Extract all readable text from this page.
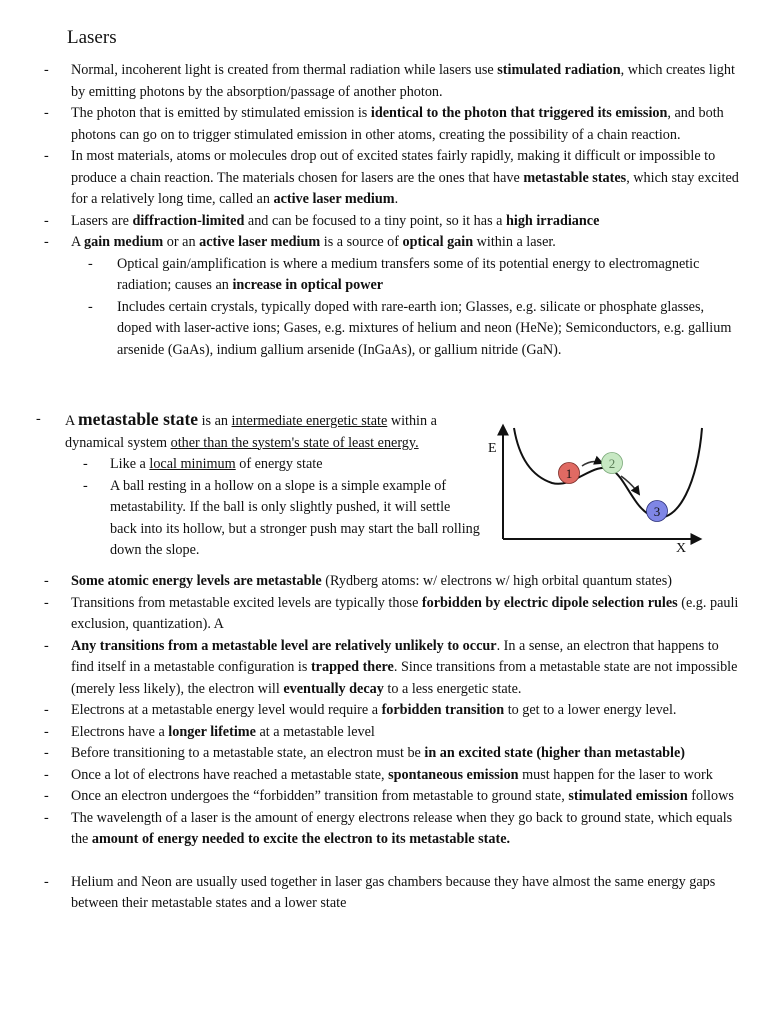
Lasers
- Normal, incoherent light is created from thermal radiation while lasers use stimulated radiation, which creates light by emitting photons by the absorption/passage of another photon.
- The photon that is emitted by stimulated emission is identical to the photon that triggered its emission, and both photons can go on to trigger stimulated emission in other atoms, creating the possibility of a chain reaction.
- In most materials, atoms or molecules drop out of excited states fairly rapidly, making it difficult or impossible to produce a chain reaction. The materials chosen for lasers are the ones that have metastable states, which stay excited for a relatively long time, called an active laser medium.
- Lasers are diffraction-limited and can be focused to a tiny point, so it has a high irradiance
- A gain medium or an active laser medium is a source of optical gain within a laser.
- Optical gain/amplification is where a medium transfers some of its potential energy to electromagnetic radiation; causes an increase in optical power
- Includes certain crystals, typically doped with rare-earth ion; Glasses, e.g. silicate or phosphate glasses, doped with laser-active ions; Gases, e.g. mixtures of helium and neon (HeNe); Semiconductors, e.g. gallium arsenide (GaAs), indium gallium arsenide (InGaAs), or gallium nitride (GaN).
- A metastable state is an intermediate energetic state within a dynamical system other than the system's state of least energy.
- Like a local minimum of energy state
- A ball resting in a hollow on a slope is a simple example of metastability. If the ball is only slightly pushed, it will settle back into its hollow, but a stronger push may start the ball rolling down the slope.
E
X
1
2
3
- Some atomic energy levels are metastable (Rydberg atoms: w/ electrons w/ high orbital quantum states)
- Transitions from metastable excited levels are typically those forbidden by electric dipole selection rules (e.g. pauli exclusion, quantization). A
- Any transitions from a metastable level are relatively unlikely to occur. In a sense, an electron that happens to find itself in a metastable configuration is trapped there. Since transitions from a metastable state are not impossible (merely less likely), the electron will eventually decay to a less energetic state.
- Electrons at a metastable energy level would require a forbidden transition to get to a lower energy level.
- Electrons have a longer lifetime at a metastable level
- Before transitioning to a metastable state, an electron must be in an excited state (higher than metastable)
- Once a lot of electrons have reached a metastable state, spontaneous emission must happen for the laser to work
- Once an electron undergoes the “forbidden” transition from metastable to ground state, stimulated emission follows
- The wavelength of a laser is the amount of energy electrons release when they go back to ground state, which equals the amount of energy needed to excite the electron to its metastable state.
- Helium and Neon are usually used together in laser gas chambers because they have almost the same energy gaps between their metastable states and a lower state
